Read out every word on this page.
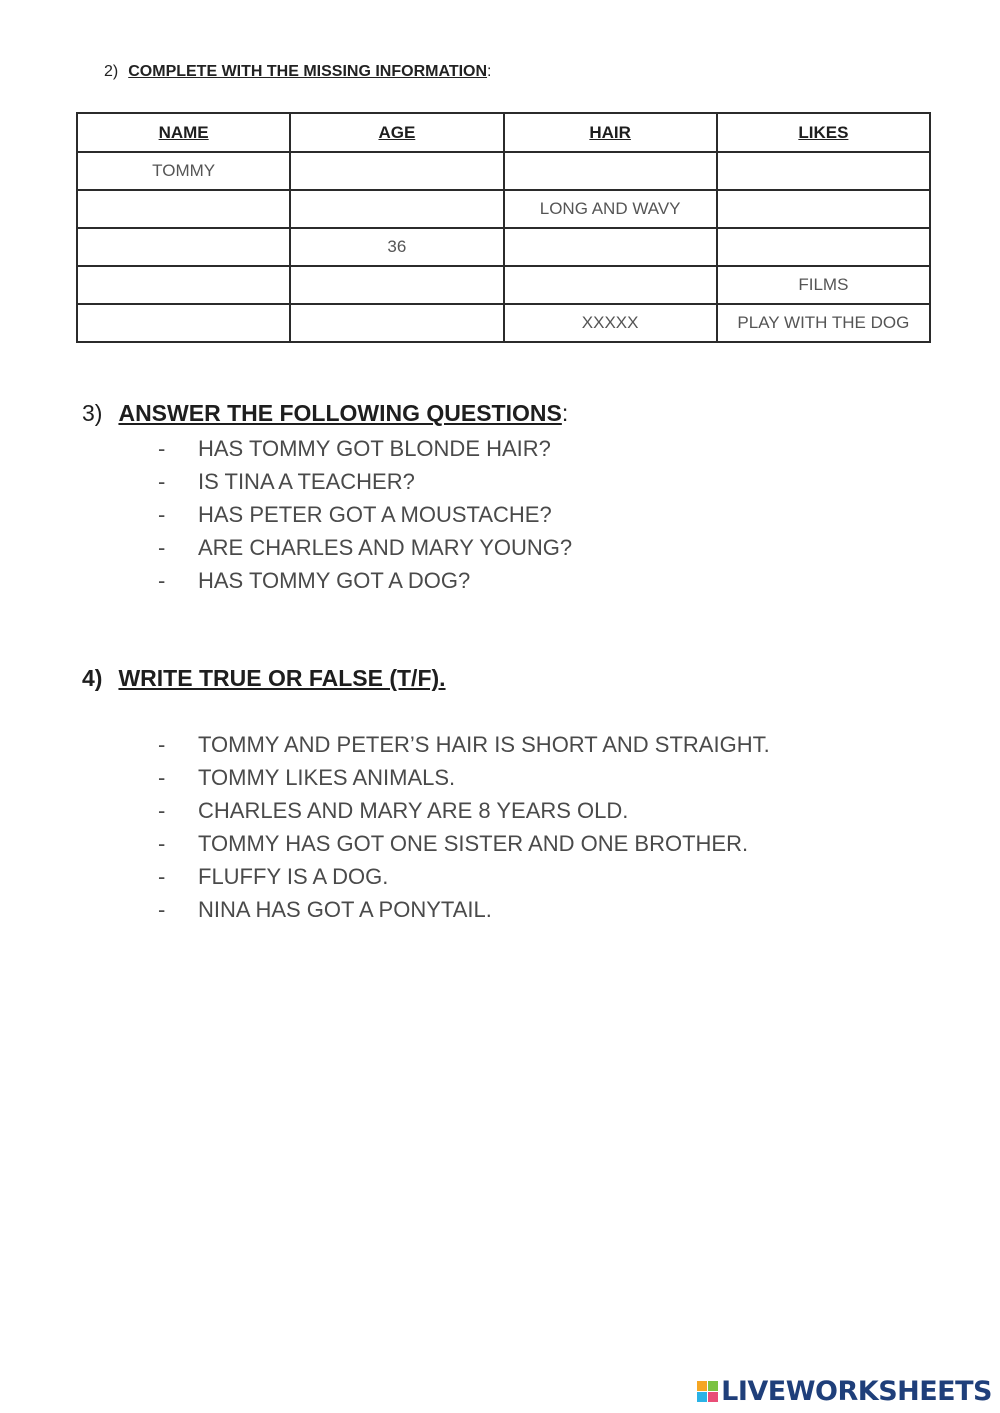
2) COMPLETE WITH THE MISSING INFORMATION:
NAME	AGE	HAIR	LIKES
TOMMY			
		LONG AND WAVY	
	36		
			FILMS
		XXXXX	PLAY WITH THE DOG
3) ANSWER THE FOLLOWING QUESTIONS:
-	HAS TOMMY GOT BLONDE HAIR?
-	IS TINA A TEACHER?
-	HAS PETER GOT A MOUSTACHE?
-	ARE CHARLES AND MARY YOUNG?
-	HAS TOMMY GOT A DOG?
4) WRITE TRUE OR FALSE (T/F).
-	TOMMY AND PETER’S HAIR IS SHORT AND STRAIGHT.
-	TOMMY LIKES ANIMALS.
-	CHARLES AND MARY ARE 8 YEARS OLD.
-	TOMMY HAS GOT ONE SISTER AND ONE BROTHER.
-	FLUFFY IS A DOG.
-	NINA HAS GOT A PONYTAIL.
LIVEWORKSHEETS
